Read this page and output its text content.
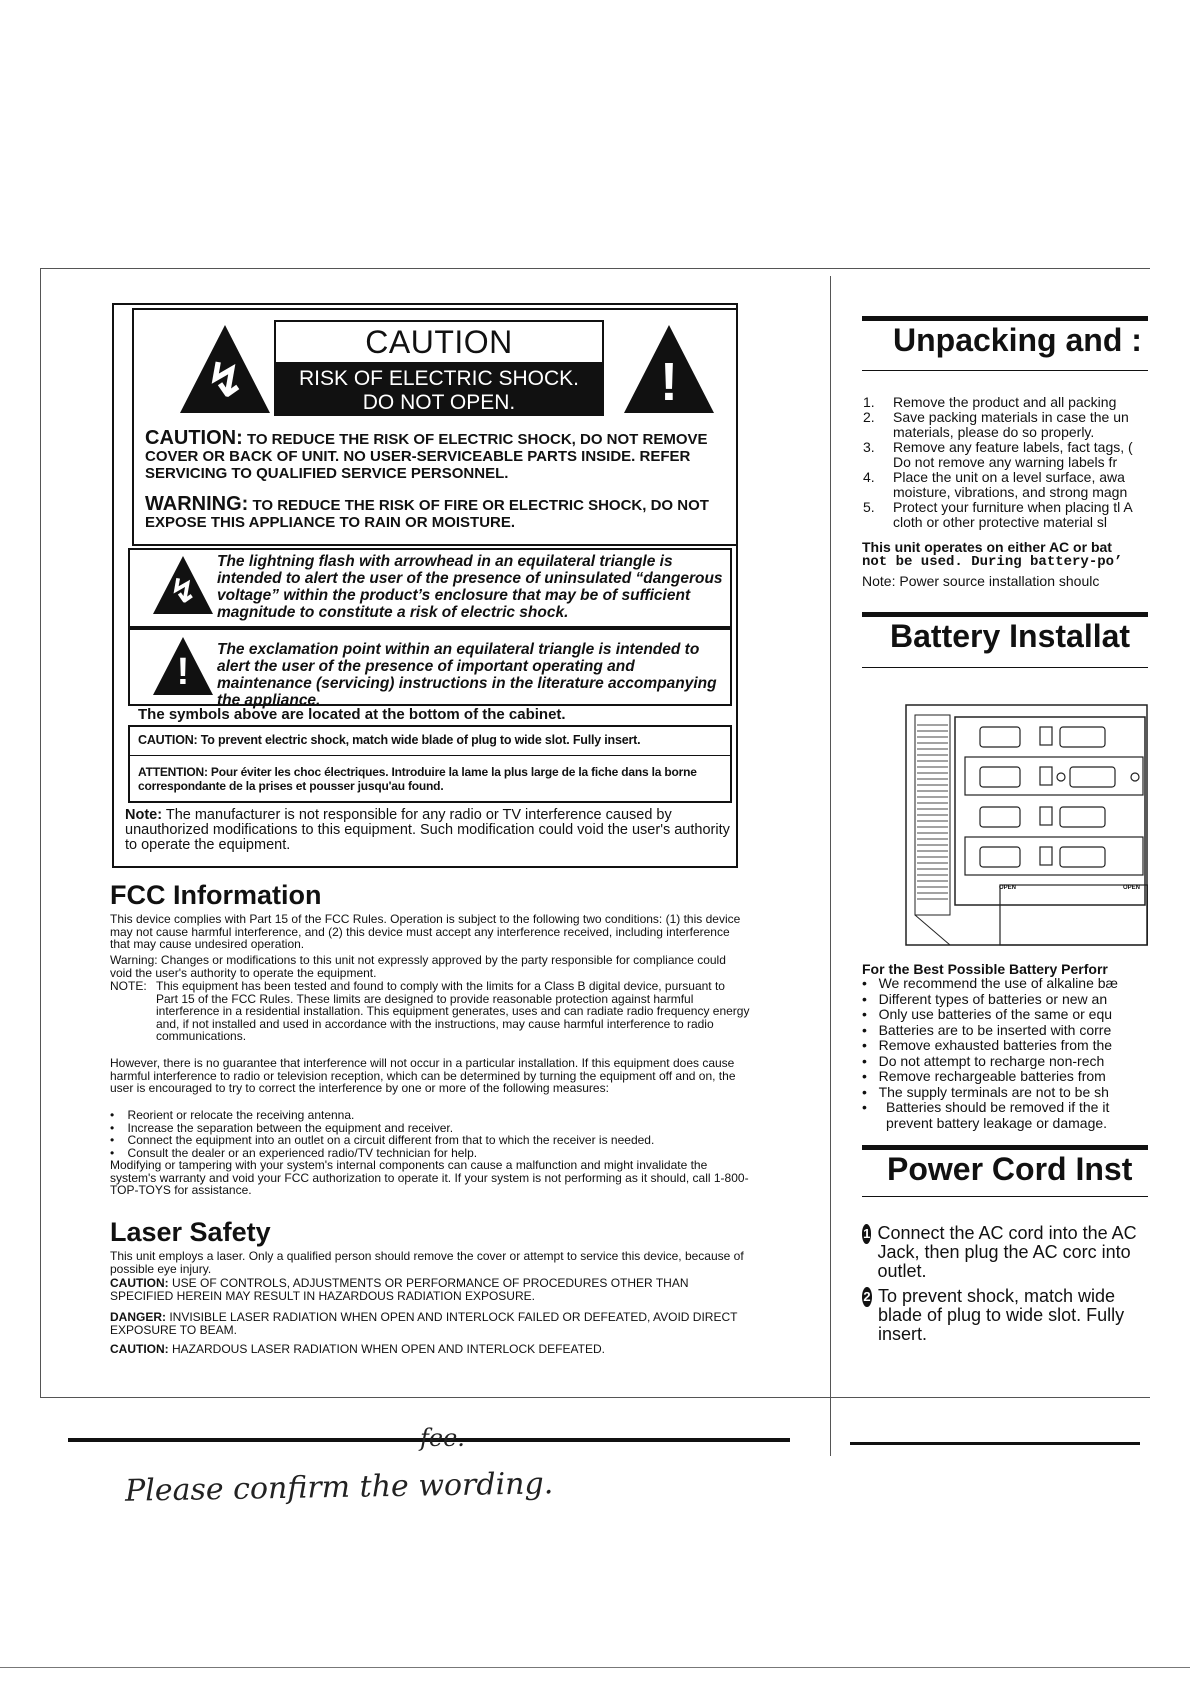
↯
CAUTION
RISK OF ELECTRIC SHOCK.
DO NOT OPEN.	!
CAUTION: TO REDUCE THE RISK OF ELECTRIC SHOCK, DO NOT REMOVE COVER OR BACK OF UNIT. NO USER-SERVICEABLE PARTS INSIDE. REFER SERVICING TO QUALIFIED SERVICE PERSONNEL.
WARNING: TO REDUCE THE RISK OF FIRE OR ELECTRIC SHOCK, DO NOT EXPOSE THIS APPLIANCE TO RAIN OR MOISTURE.
↯
The lightning flash with arrowhead in an equilateral triangle is intended to alert the user of the presence of uninsulated “dangerous voltage” within the product’s enclosure that may be of sufficient magnitude to constitute a risk of electric shock.
!
The exclamation point within an equilateral triangle is intended to alert the user of the presence of important operating and maintenance (servicing) instructions in the literature accompanying the appliance.
The symbols above are located at the bottom of the cabinet.
CAUTION: To prevent electric shock, match wide blade of plug to wide slot. Fully insert.
ATTENTION: Pour éviter les choc électriques. Introduire la lame la plus large de la fiche dans la borne correspondante de la prises et pousser jusqu'au found.
Note: The manufacturer is not responsible for any radio or TV interference caused by unauthorized modifications to this equipment. Such modification could void the user's authority to operate the equipment.
FCC Information
This device complies with Part 15 of the FCC Rules. Operation is subject to the following two conditions: (1) this device may not cause harmful interference, and (2) this device must accept any interference received, including interference that may cause undesired operation.
Warning: Changes or modifications to this unit not expressly approved by the party responsible for compliance could void the user's authority to operate the equipment.
NOTE: This equipment has been tested and found to comply with the limits for a Class B digital device, pursuant to Part 15 of the FCC Rules. These limits are designed to provide reasonable protection against harmful interference in a residential installation. This equipment generates, uses and can radiate radio frequency energy and, if not installed and used in accordance with the instructions, may cause harmful interference to radio communications.
However, there is no guarantee that interference will not occur in a particular installation. If this equipment does cause harmful interference to radio or television reception, which can be determined by turning the equipment off and on, the user is encouraged to try to correct the interference by one or more of the following measures:
•    Reorient or relocate the receiving antenna.
•    Increase the separation between the equipment and receiver.
•    Connect the equipment into an outlet on a circuit different from that to which the receiver is needed.
•    Consult the dealer or an experienced radio/TV technician for help.
Modifying or tampering with your system's internal components can cause a malfunction and might invalidate the system's warranty and void your FCC authorization to operate it. If your system is not performing as it should, call 1-800-TOP-TOYS for assistance.
Laser Safety
This unit employs a laser. Only a qualified person should remove the cover or attempt to service this device, because of possible eye injury.
CAUTION: USE OF CONTROLS, ADJUSTMENTS OR PERFORMANCE OF PROCEDURES OTHER THAN SPECIFIED HEREIN MAY RESULT IN HAZARDOUS RADIATION EXPOSURE.
DANGER: INVISIBLE LASER RADIATION WHEN OPEN AND INTERLOCK FAILED OR DEFEATED, AVOID DIRECT EXPOSURE TO BEAM.
CAUTION: HAZARDOUS LASER RADIATION WHEN OPEN AND INTERLOCK DEFEATED.
Unpacking and :
1. Remove the product and all packing
2.	Save packing materials in case the un materials, please do so properly.
3.	Remove any feature labels, fact tags, ( Do not remove any warning labels fr
4.	Place the unit on a level surface, awa moisture, vibrations, and strong magn
5.	Protect your furniture when placing tl A cloth or other protective material sl
This unit operates on either AC or bat
not be used. During battery-po’
Note: Power source installation shoulc
Battery Installat
OPEN	OPEN
For the Best Possible Battery Perforr
•   We recommend the use of alkaline bæ
•   Different types of batteries or new an
•   Only use batteries of the same or equ
•   Batteries are to be inserted with corre
•   Remove exhausted batteries from the
•   Do not attempt to recharge non-rech
•   Remove rechargeable batteries from
•   The supply terminals are not to be sh
•	Batteries should be removed if the it prevent battery leakage or damage.
Power Cord Inst
1 Connect the AC cord into the AC Jack, then plug the AC corc into outlet.
2 To prevent shock, match wide blade of plug to wide slot. Fully insert.
Please confirm the wording.
fee.
